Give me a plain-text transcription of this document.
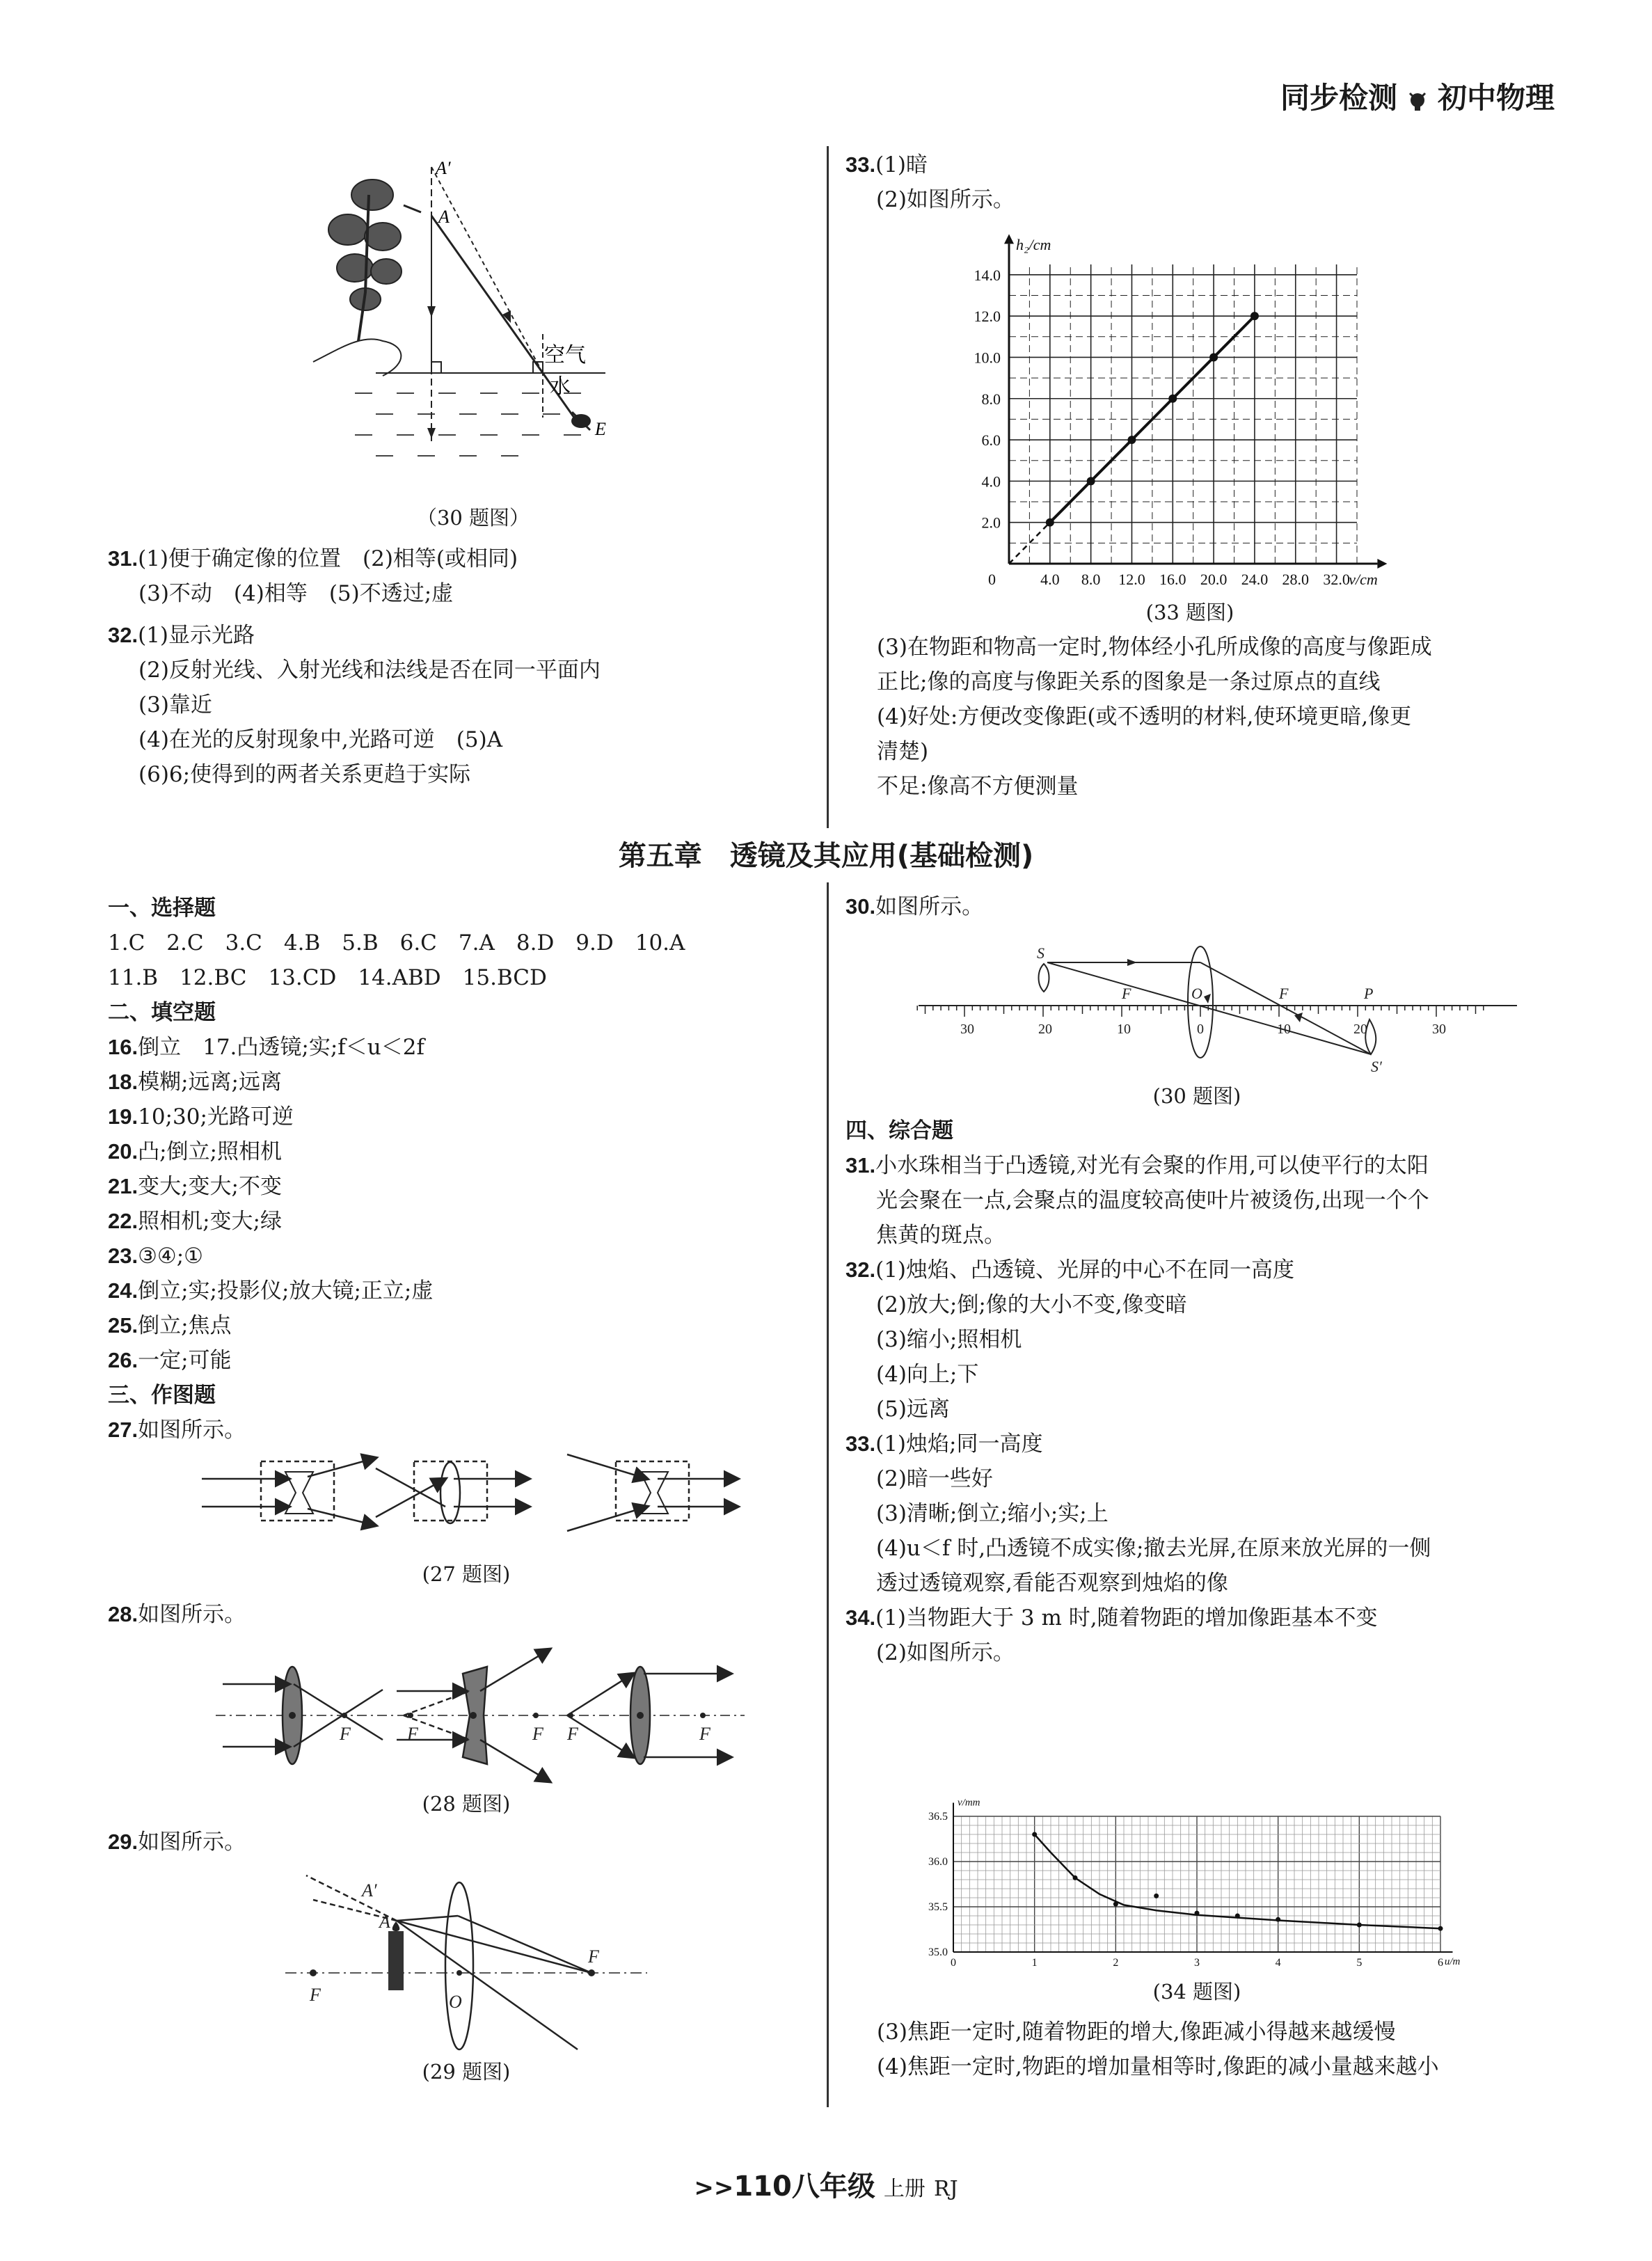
同步检测 初中物理
A′
A
空气
水
E
（30 题图）
31.(1)便于确定像的位置　(2)相等(或相同)
(3)不动　(4)相等　(5)不透过;虚
32.(1)显示光路
(2)反射光线、入射光线和法线是否在同一平面内
(3)靠近
(4)在光的反射现象中,光路可逆　(5)A
(6)6;使得到的两者关系更趋于实际
33.(1)暗
(2)如图所示。
4.0 8.0 12.0 16.0 20.0 24.0 28.0 32.0
2.0
4.0
6.0
8.0
10.0
12.0
14.0
0
h₂/cm
v/cm
(33 题图)
(3)在物距和物高一定时,物体经小孔所成像的高度与像距成
正比;像的高度与像距关系的图象是一条过原点的直线
(4)好处:方便改变像距(或不透明的材料,使环境更暗,像更
清楚)
不足:像高不方便测量
第五章　透镜及其应用(基础检测)
一、选择题
1.C　2.C　3.C　4.B　5.B　6.C　7.A　8.D　9.D　10.A
11.B　12.BC　13.CD　14.ABD　15.BCD
二、填空题
16.倒立　17.凸透镜;实;f＜u＜2f
18.模糊;远离;远离
19.10;30;光路可逆
20.凸;倒立;照相机
21.变大;变大;不变
22.照相机;变大;绿
23.③④;①
24.倒立;实;投影仪;放大镜;正立;虚
25.倒立;焦点
26.一定;可能
三、作图题
27.如图所示。
(27 题图)
28.如图所示。
F	F	F F	F
(28 题图)
29.如图所示。
A′
A
O
F
F
(29 题图)
30.如图所示。
S
S′
F	F
O	P
30	20	10	0	10	20	30
(30 题图)
四、综合题
31.小水珠相当于凸透镜,对光有会聚的作用,可以使平行的太阳
光会聚在一点,会聚点的温度较高使叶片被烫伤,出现一个个
焦黄的斑点。
32.(1)烛焰、凸透镜、光屏的中心不在同一高度
(2)放大;倒;像的大小不变,像变暗
(3)缩小;照相机
(4)向上;下
(5)远离
33.(1)烛焰;同一高度
(2)暗一些好
(3)清晰;倒立;缩小;实;上
(4)u＜f 时,凸透镜不成实像;撤去光屏,在原来放光屏的一侧
透过透镜观察,看能否观察到烛焰的像
34.(1)当物距大于 3 m 时,随着物距的增加像距基本不变
(2)如图所示。
0	1	2	3	4	5	6
35.0
35.5
36.0
36.5
v/mm
u/m
(34 题图)
(3)焦距一定时,随着物距的增大,像距减小得越来越缓慢
(4)焦距一定时,物距的增加量相等时,像距的减小量越来越小
>>110八年级 上册 RJ
